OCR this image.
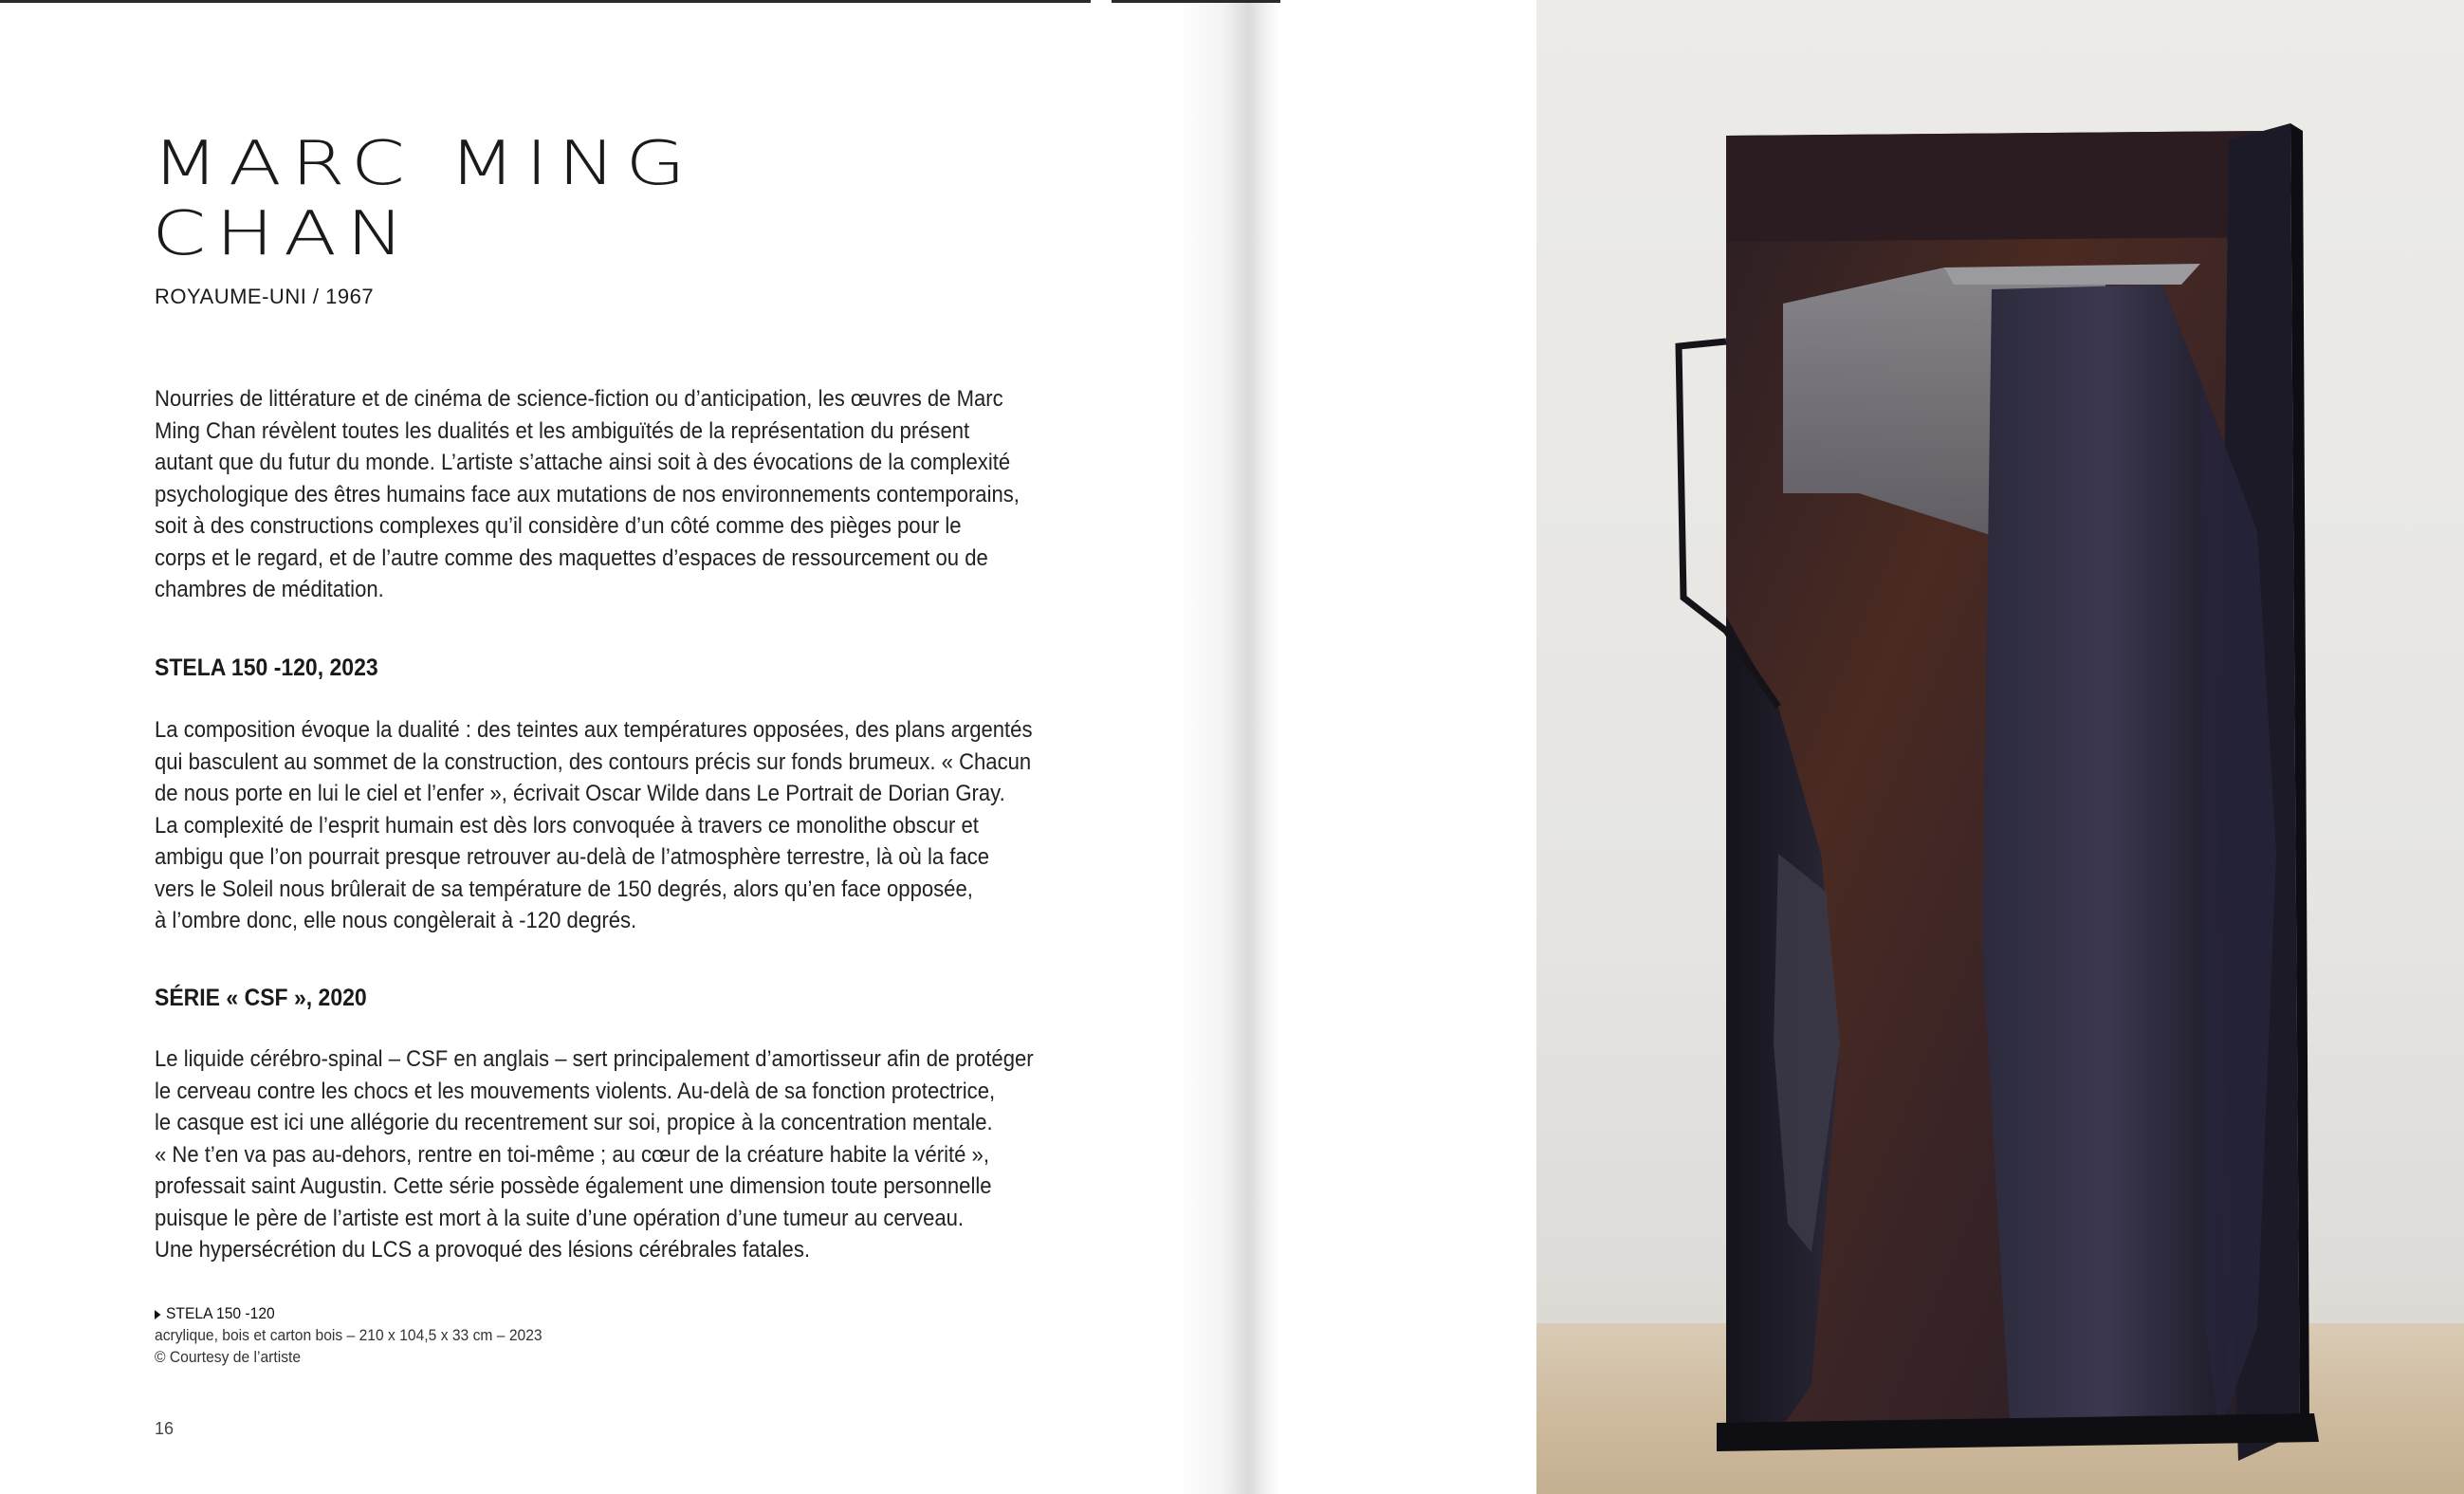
MARC MING
CHAN
ROYAUME-UNI / 1967

Nourries de littérature et de cinéma de science-fiction ou d’anticipation, les œuvres de Marc
Ming Chan révèlent toutes les dualités et les ambiguïtés de la représentation du présent
autant que du futur du monde. L’artiste s’attache ainsi soit à des évocations de la complexité
psychologique des êtres humains face aux mutations de nos environnements contemporains,
soit à des constructions complexes qu’il considère d’un côté comme des pièges pour le
corps et le regard, et de l’autre comme des maquettes d’espaces de ressourcement ou de
chambres de méditation.

STELA 150 -120, 2023

La composition évoque la dualité : des teintes aux températures opposées, des plans argentés
qui basculent au sommet de la construction, des contours précis sur fonds brumeux. « Chacun
de nous porte en lui le ciel et l’enfer », écrivait Oscar Wilde dans Le Portrait de Dorian Gray.
La complexité de l’esprit humain est dès lors convoquée à travers ce monolithe obscur et
ambigu que l’on pourrait presque retrouver au-delà de l’atmosphère terrestre, là où la face
vers le Soleil nous brûlerait de sa température de 150 degrés, alors qu’en face opposée,
à l’ombre donc, elle nous congèlerait à -120 degrés.

SÉRIE « CSF », 2020

Le liquide cérébro-spinal – CSF en anglais – sert principalement d’amortisseur afin de protéger
le cerveau contre les chocs et les mouvements violents. Au-delà de sa fonction protectrice,
le casque est ici une allégorie du recentrement sur soi, propice à la concentration mentale.
« Ne t’en va pas au-dehors, rentre en toi-même ; au cœur de la créature habite la vérité »,
professait saint Augustin. Cette série possède également une dimension toute personnelle
puisque le père de l’artiste est mort à la suite d’une opération d’une tumeur au cerveau.
Une hypersécrétion du LCS a provoqué des lésions cérébrales fatales.

STELA 150 -120
acrylique, bois et carton bois – 210 x 104,5 x 33 cm – 2023
© Courtesy de l’artiste
16
